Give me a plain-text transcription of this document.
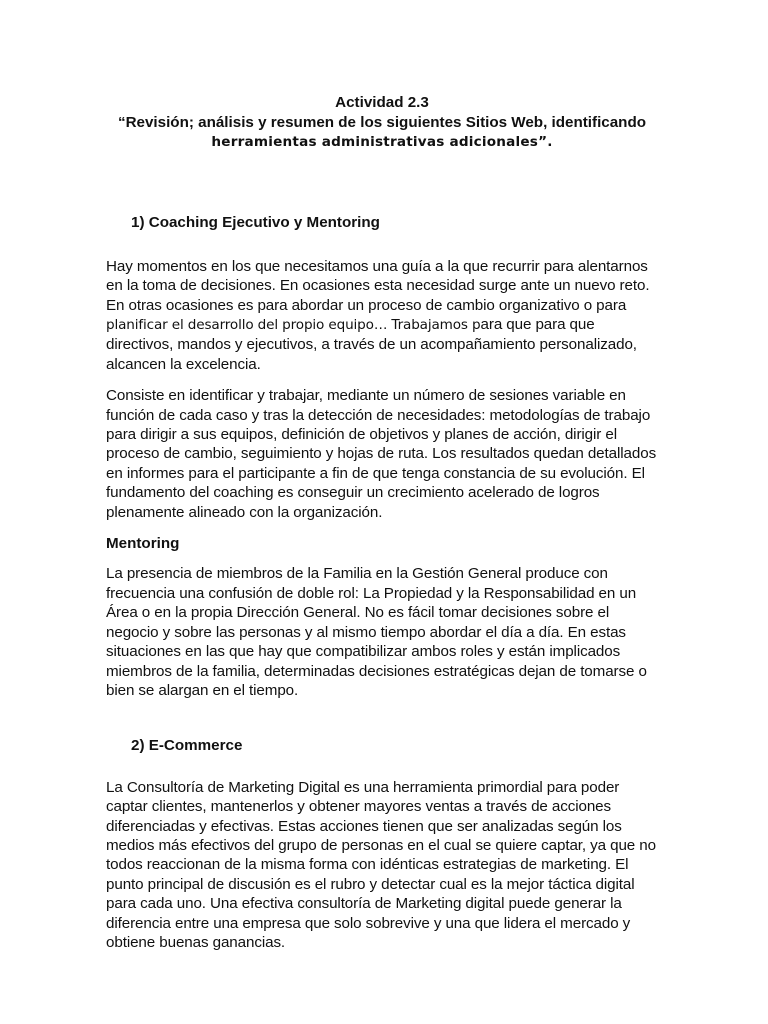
Actividad 2.3
“Revisión; análisis y resumen de los siguientes Sitios Web, identificando
herramientas administrativas adicionales”.
1) Coaching Ejecutivo y Mentoring

Hay momentos en los que necesitamos una guía a la que recurrir para alentarnos en la toma de decisiones. En ocasiones esta necesidad surge ante un nuevo reto. En otras ocasiones es para abordar un proceso de cambio organizativo o para planificar el desarrollo del propio equipo… Trabajamos para que para que directivos, mandos y ejecutivos, a través de un acompañamiento personalizado, alcancen la excelencia.

Consiste en identificar y trabajar, mediante un número de sesiones variable en función de cada caso y tras la detección de necesidades: metodologías de trabajo para dirigir a sus equipos, definición de objetivos y planes de acción, dirigir el proceso de cambio, seguimiento y hojas de ruta. Los resultados quedan detallados en informes para el participante a fin de que tenga constancia de su evolución. El fundamento del coaching es conseguir un crecimiento acelerado de logros plenamente alineado con la organización.

Mentoring

La presencia de miembros de la Familia en la Gestión General produce con frecuencia una confusión de doble rol: La Propiedad y la Responsabilidad en un Área o en la propia Dirección General. No es fácil tomar decisiones sobre el negocio y sobre las personas y al mismo tiempo abordar el día a día. En estas situaciones en las que hay que compatibilizar ambos roles y están implicados miembros de la familia, determinadas decisiones estratégicas dejan de tomarse o bien se alargan en el tiempo.

2) E-Commerce

La Consultoría de Marketing Digital es una herramienta primordial para poder captar clientes, mantenerlos y obtener mayores ventas a través de acciones diferenciadas y efectivas. Estas acciones tienen que ser analizadas según los medios más efectivos del grupo de personas en el cual se quiere captar, ya que no todos reaccionan de la misma forma con idénticas estrategias de marketing. El punto principal de discusión es el rubro y detectar cual es la mejor táctica digital para cada uno. Una efectiva consultoría de Marketing digital puede generar la diferencia entre una empresa que solo sobrevive y una que lidera el mercado y obtiene buenas ganancias.
